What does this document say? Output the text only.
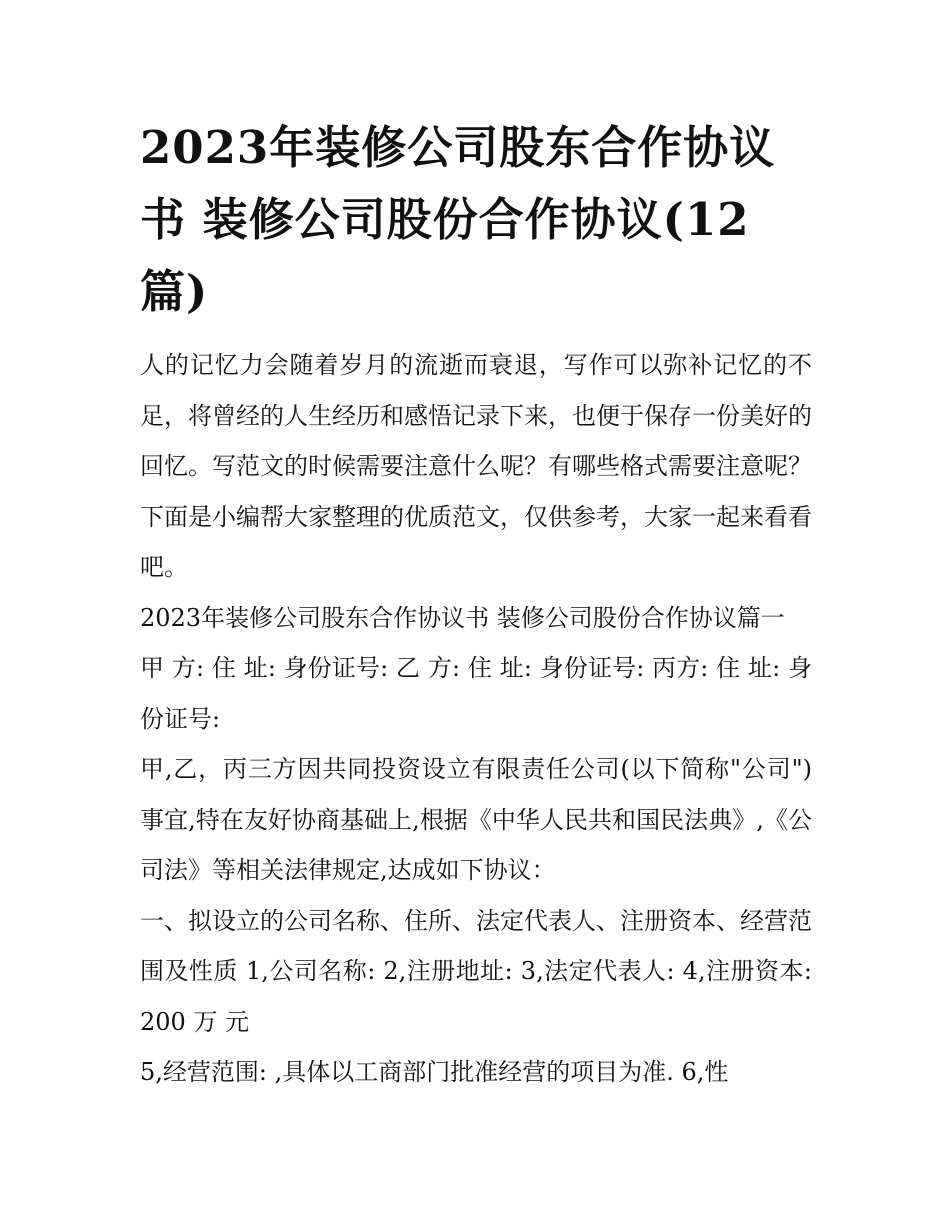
2023年装修公司股东合作协议书 装修公司股份合作协议(12篇)

人的记忆力会随着岁月的流逝而衰退，写作可以弥补记忆的不足，将曾经的人生经历和感悟记录下来，也便于保存一份美好的回忆。写范文的时候需要注意什么呢？有哪些格式需要注意呢？下面是小编帮大家整理的优质范文，仅供参考，大家一起来看看吧。

2023年装修公司股东合作协议书 装修公司股份合作协议篇一

甲 方: 住 址: 身份证号: 乙 方: 住 址: 身份证号: 丙方: 住 址: 身份证号:

甲,乙，丙三方因共同投资设立有限责任公司(以下简称"公司")事宜,特在友好协商基础上,根据《中华人民共和国民法典》,《公司法》等相关法律规定,达成如下协议：

一、拟设立的公司名称、住所、法定代表人、注册资本、经营范围及性质 1,公司名称: 2,注册地址: 3,法定代表人: 4,注册资本: 200 万 元

5,经营范围: ,具体以工商部门批准经营的项目为准. 6,性
